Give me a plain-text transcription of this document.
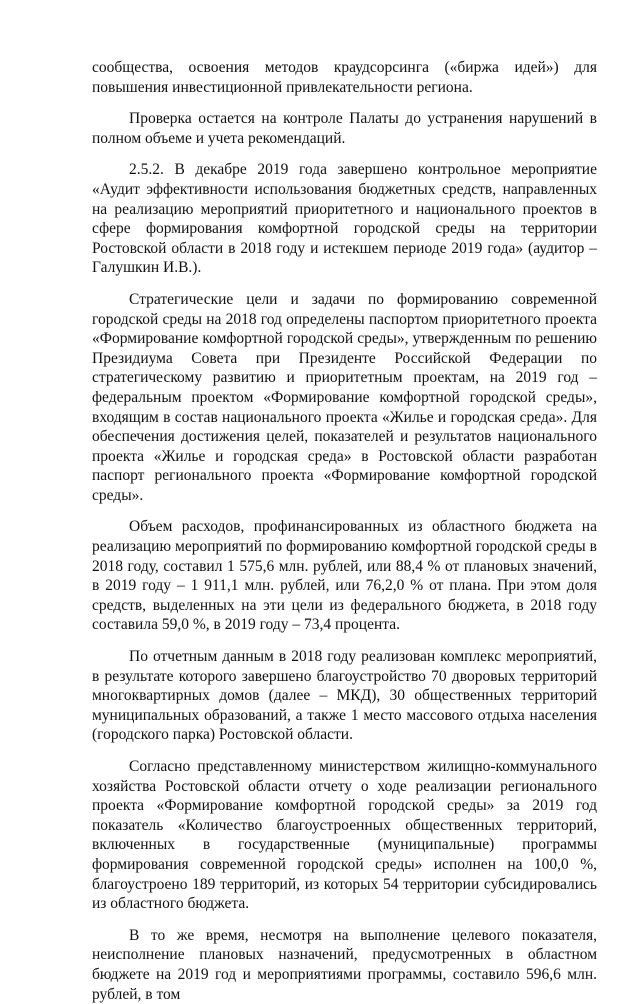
сообщества, освоения методов краудсорсинга («биржа идей») для повышения инвестиционной привлекательности региона.

Проверка остается на контроле Палаты до устранения нарушений в полном объеме и учета рекомендаций.

2.5.2. В декабре 2019 года завершено контрольное мероприятие «Аудит эффективности использования бюджетных средств, направленных на реализацию мероприятий приоритетного и национального проектов в сфере формирования комфортной городской среды на территории Ростовской области в 2018 году и истекшем периоде 2019 года» (аудитор – Галушкин И.В.).

Стратегические цели и задачи по формированию современной городской среды на 2018 год определены паспортом приоритетного проекта «Формирование комфортной городской среды», утвержденным по решению Президиума Совета при Президенте Российской Федерации по стратегическому развитию и приоритетным проектам, на 2019 год – федеральным проектом «Формирование комфортной городской среды», входящим в состав национального проекта «Жилье и городская среда». Для обеспечения достижения целей, показателей и результатов национального проекта «Жилье и городская среда» в Ростовской области разработан паспорт регионального проекта «Формирование комфортной городской среды».

Объем расходов, профинансированных из областного бюджета на реализацию мероприятий по формированию комфортной городской среды в 2018 году, составил 1 575,6 млн. рублей, или 88,4 % от плановых значений, в 2019 году – 1 911,1 млн. рублей, или 76,2,0 % от плана. При этом доля средств, выделенных на эти цели из федерального бюджета, в 2018 году составила 59,0 %, в 2019 году – 73,4 процента.

По отчетным данным в 2018 году реализован комплекс мероприятий, в результате которого завершено благоустройство 70 дворовых территорий многоквартирных домов (далее – МКД), 30 общественных территорий муниципальных образований, а также 1 место массового отдыха населения (городского парка) Ростовской области.

Согласно представленному министерством жилищно-коммунального хозяйства Ростовской области отчету о ходе реализации регионального проекта «Формирование комфортной городской среды» за 2019 год показатель «Количество благоустроенных общественных территорий, включенных в государственные (муниципальные) программы формирования современной городской среды» исполнен на 100,0 %, благоустроено 189 территорий, из которых 54 территории субсидировались из областного бюджета.

В то же время, несмотря на выполнение целевого показателя, неисполнение плановых назначений, предусмотренных в областном бюджете на 2019 год и мероприятиями программы, составило 596,6 млн. рублей, в том
